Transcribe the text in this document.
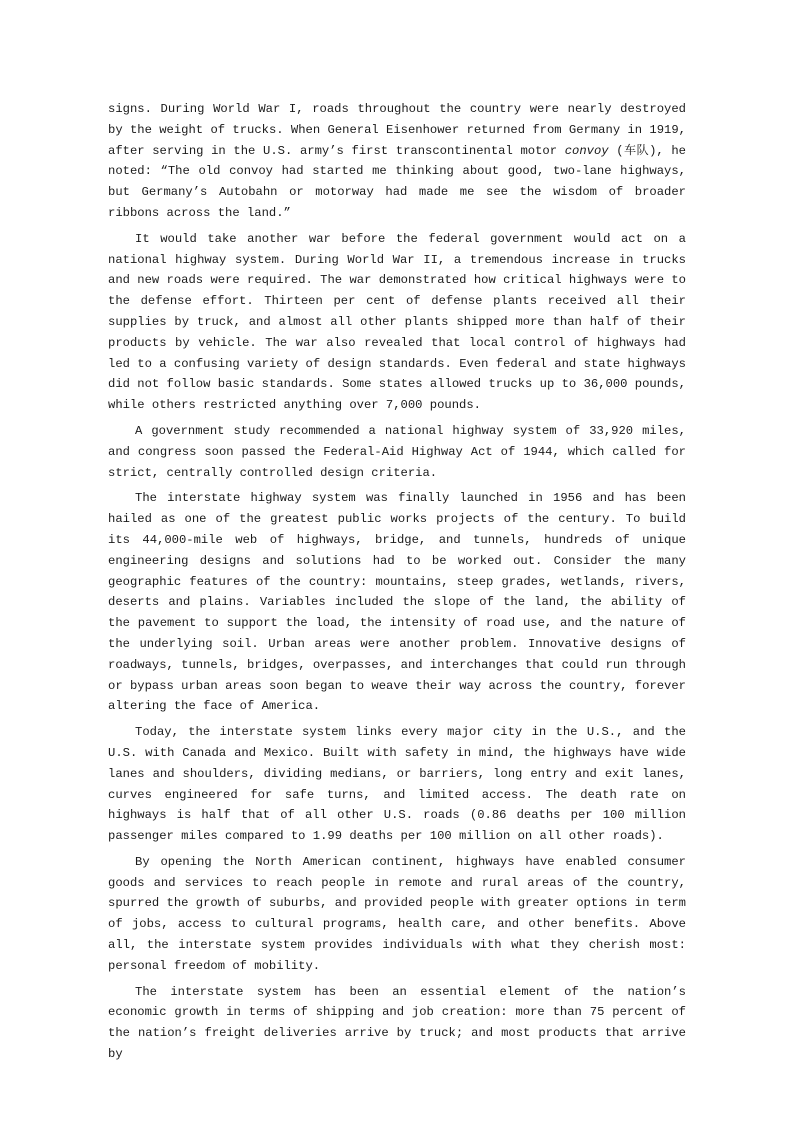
signs. During World War I, roads throughout the country were nearly destroyed by the weight of trucks. When General Eisenhower returned from Germany in 1919, after serving in the U.S. army’s first transcontinental motor convoy (车队), he noted: “The old convoy had started me thinking about good, two-lane highways, but Germany’s Autobahn or motorway had made me see the wisdom of broader ribbons across the land.”

It would take another war before the federal government would act on a national highway system. During World War II, a tremendous increase in trucks and new roads were required. The war demonstrated how critical highways were to the defense effort. Thirteen per cent of defense plants received all their supplies by truck, and almost all other plants shipped more than half of their products by vehicle. The war also revealed that local control of highways had led to a confusing variety of design standards. Even federal and state highways did not follow basic standards. Some states allowed trucks up to 36,000 pounds, while others restricted anything over 7,000 pounds.

A government study recommended a national highway system of 33,920 miles, and congress soon passed the Federal-Aid Highway Act of 1944, which called for strict, centrally controlled design criteria.

The interstate highway system was finally launched in 1956 and has been hailed as one of the greatest public works projects of the century. To build its 44,000-mile web of highways, bridge, and tunnels, hundreds of unique engineering designs and solutions had to be worked out. Consider the many geographic features of the country: mountains, steep grades, wetlands, rivers, deserts and plains. Variables included the slope of the land, the ability of the pavement to support the load, the intensity of road use, and the nature of the underlying soil. Urban areas were another problem. Innovative designs of roadways, tunnels, bridges, overpasses, and interchanges that could run through or bypass urban areas soon began to weave their way across the country, forever altering the face of America.

Today, the interstate system links every major city in the U.S., and the U.S. with Canada and Mexico. Built with safety in mind, the highways have wide lanes and shoulders, dividing medians, or barriers, long entry and exit lanes, curves engineered for safe turns, and limited access. The death rate on highways is half that of all other U.S. roads (0.86 deaths per 100 million passenger miles compared to 1.99 deaths per 100 million on all other roads).

By opening the North American continent, highways have enabled consumer goods and services to reach people in remote and rural areas of the country, spurred the growth of suburbs, and provided people with greater options in term of jobs, access to cultural programs, health care, and other benefits. Above all, the interstate system provides individuals with what they cherish most: personal freedom of mobility.

The interstate system has been an essential element of the nation’s economic growth in terms of shipping and job creation: more than 75 percent of the nation’s freight deliveries arrive by truck; and most products that arrive by
